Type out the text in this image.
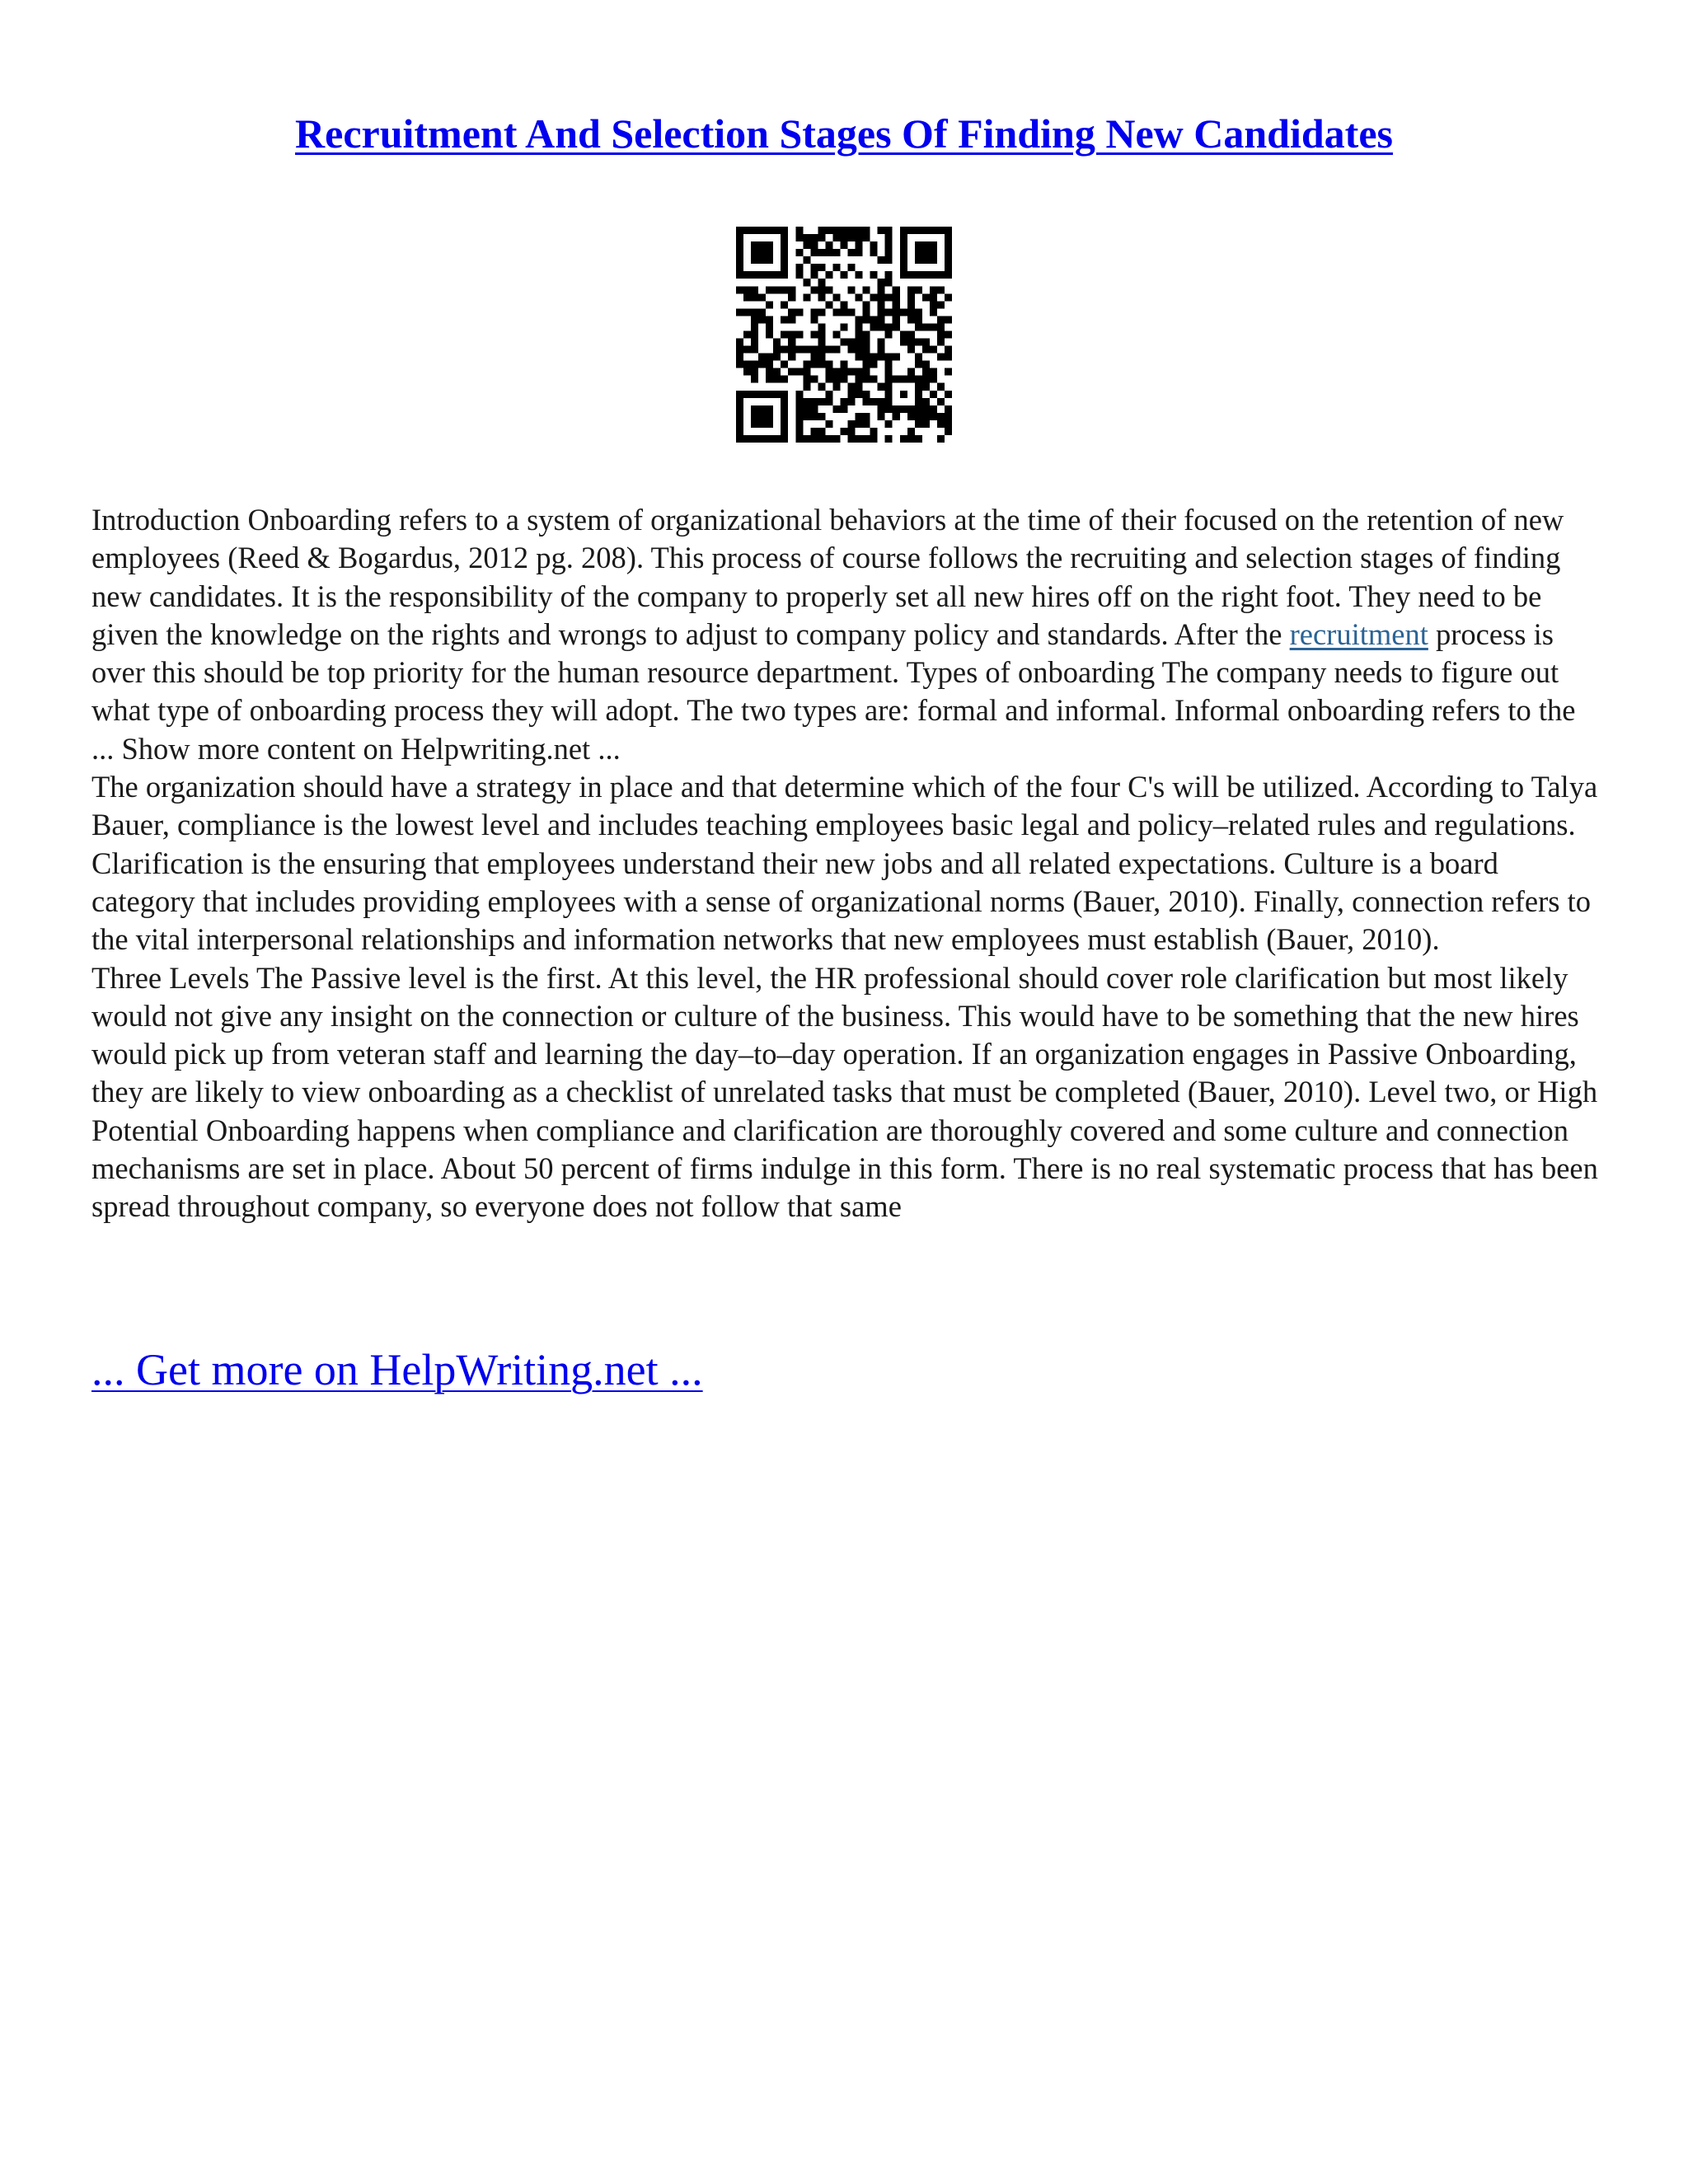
Recruitment And Selection Stages Of Finding New Candidates

Introduction Onboarding refers to a system of organizational behaviors at the time of their focused on the retention of new employees (Reed & Bogardus, 2012 pg. 208). This process of course follows the recruiting and selection stages of finding new candidates. It is the responsibility of the company to properly set all new hires off on the right foot. They need to be given the knowledge on the rights and wrongs to adjust to company policy and standards. After the recruitment process is over this should be top priority for the human resource department. Types of onboarding The company needs to figure out what type of onboarding process they will adopt. The two types are: formal and informal. Informal onboarding refers to the ... Show more content on Helpwriting.net ...

The organization should have a strategy in place and that determine which of the four C's will be utilized. According to Talya Bauer, compliance is the lowest level and includes teaching employees basic legal and policy–related rules and regulations. Clarification is the ensuring that employees understand their new jobs and all related expectations. Culture is a board category that includes providing employees with a sense of organizational norms (Bauer, 2010). Finally, connection refers to the vital interpersonal relationships and information networks that new employees must establish (Bauer, 2010).

Three Levels The Passive level is the first. At this level, the HR professional should cover role clarification but most likely would not give any insight on the connection or culture of the business. This would have to be something that the new hires would pick up from veteran staff and learning the day–to–day operation. If an organization engages in Passive Onboarding, they are likely to view onboarding as a checklist of unrelated tasks that must be completed (Bauer, 2010). Level two, or High Potential Onboarding happens when compliance and clarification are thoroughly covered and some culture and connection mechanisms are set in place. About 50 percent of firms indulge in this form. There is no real systematic process that has been spread throughout company, so everyone does not follow that same

... Get more on HelpWriting.net ...
